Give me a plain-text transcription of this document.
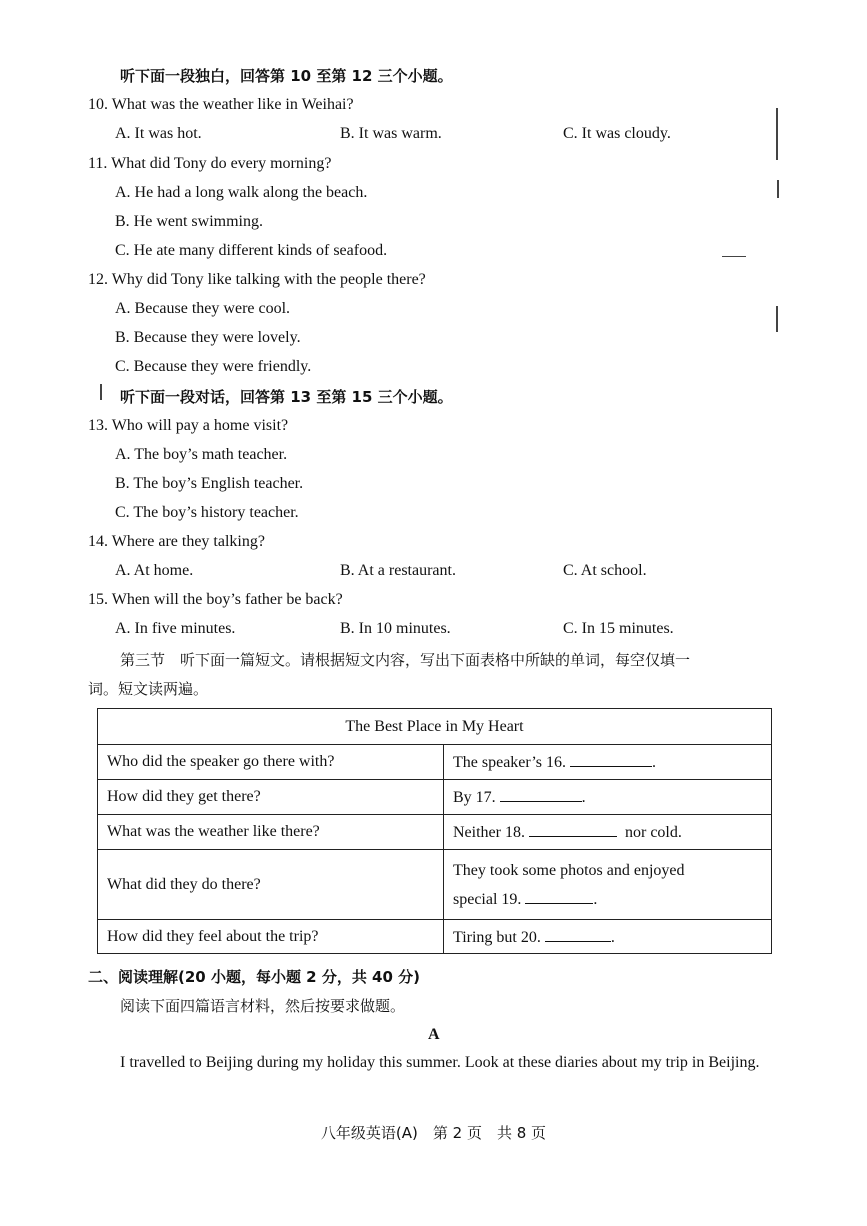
听下面一段独白，回答第 10 至第 12 三个小题。
10. What was the weather like in Weihai?
A. It was hot.	B. It was warm.	C. It was cloudy.
11. What did Tony do every morning?
A. He had a long walk along the beach.
B. He went swimming.
C. He ate many different kinds of seafood.
12. Why did Tony like talking with the people there?
A. Because they were cool.
B. Because they were lovely.
C. Because they were friendly.
听下面一段对话，回答第 13 至第 15 三个小题。
13. Who will pay a home visit?
A. The boy’s math teacher.
B. The boy’s English teacher.
C. The boy’s history teacher.
14. Where are they talking?
A. At home.	B. At a restaurant.	C. At school.
15. When will the boy’s father be back?
A. In five minutes.	B. In 10 minutes.	C. In 15 minutes.
第三节　听下面一篇短文。请根据短文内容，写出下面表格中所缺的单词，每空仅填一
词。短文读两遍。
The Best Place in My Heart	
Who did the speaker go there with?	The speaker’s 16. .
How did they get there?	By 17. .
What was the weather like there?	Neither 18. nor cold.
What did they do there?	They took some photos and enjoyed
special 19. .
How did they feel about the trip?	Tiring but 20. .
二、阅读理解(20 小题，每小题 2 分，共 40 分)
阅读下面四篇语言材料，然后按要求做题。
A
I travelled to Beijing during my holiday this summer. Look at these diaries about my trip in Beijing.
八年级英语(A)　第 2 页　共 8 页
